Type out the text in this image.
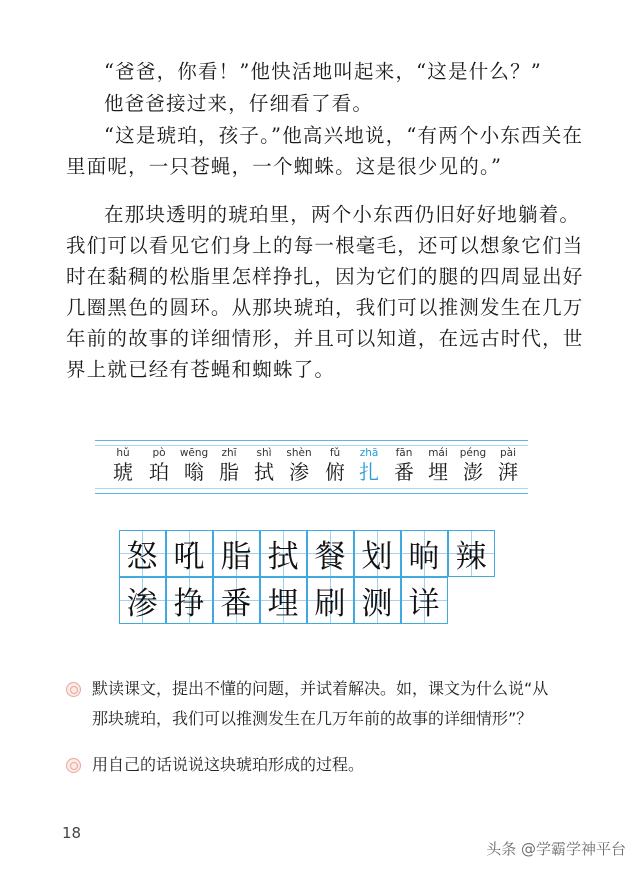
“爸爸，你看！”他快活地叫起来，“这是什么？”

他爸爸接过来，仔细看了看。

“这是琥珀，孩子。”他高兴地说，“有两个小东西关在
里面呢，一只苍蝇，一个蜘蛛。这是很少见的。”

在那块透明的琥珀里，两个小东西仍旧好好地躺着。
我们可以看见它们身上的每一根毫毛，还可以想象它们当
时在黏稠的松脂里怎样挣扎，因为它们的腿的四周显出好
几圈黑色的圆环。从那块琥珀，我们可以推测发生在几万
年前的故事的详细情形，并且可以知道，在远古时代，世
界上就已经有苍蝇和蜘蛛了。

hǔ
琥
pò
珀
wēng
嗡
zhī
脂
shì
拭
shèn
渗
fǔ
俯
zhā
扎
fān
番
mái
埋
péng
澎
pài
湃
怒 吼 脂 拭 餐 划 晌 辣
渗 挣 番 埋 刷 测 详
默读课文，提出不懂的问题，并试着解决。如，课文为什么说“从
那块琥珀，我们可以推测发生在几万年前的故事的详细情形”？
用自己的话说说这块琥珀形成的过程。
18
头条 @学霸学神平台
